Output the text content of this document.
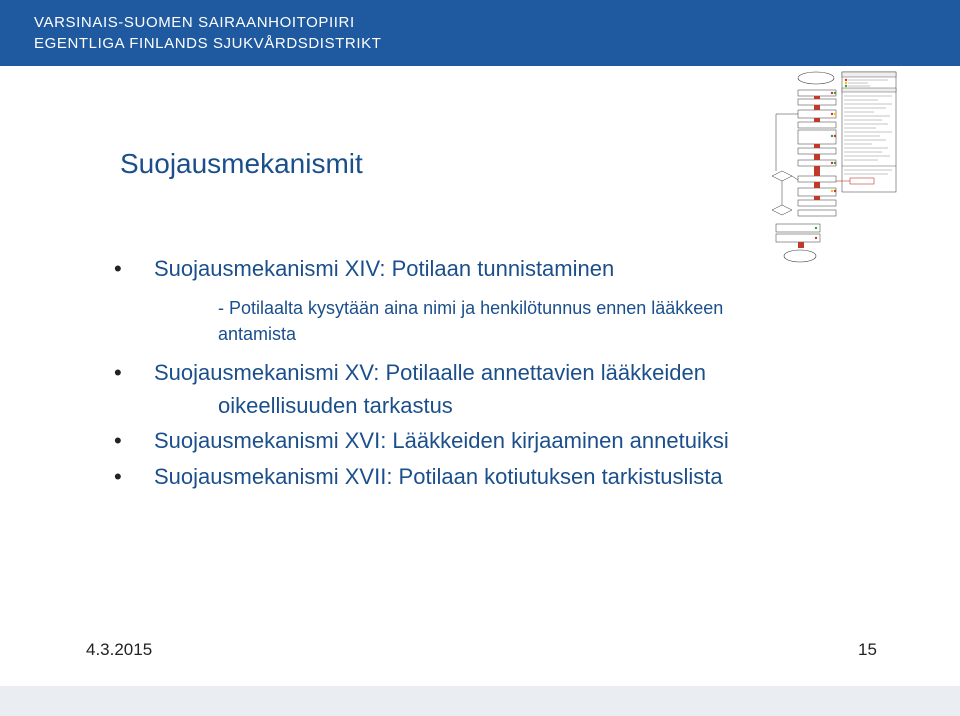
VARSINAIS-SUOMEN SAIRAANHOITOPIIRI
EGENTLIGA FINLANDS SJUKVÅRDSDISTRIKT
Suojausmekanismit
• Suojausmekanismi XIV: Potilaan tunnistaminen
- Potilaalta kysytään aina nimi ja henkilötunnus ennen lääkkeen
antamista
• Suojausmekanismi XV: Potilaalle annettavien lääkkeiden
oikeellisuuden tarkastus
• Suojausmekanismi XVI: Lääkkeiden kirjaaminen annetuiksi
• Suojausmekanismi XVII: Potilaan kotiutuksen tarkistuslista
4.3.2015	15
